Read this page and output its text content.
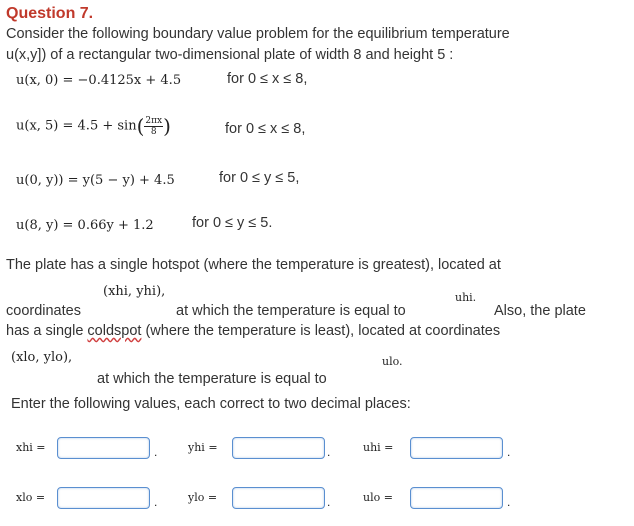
Question 7.
Consider the following boundary value problem for the equilibrium temperature
u(x,y]) of a rectangular two-dimensional plate of width 8 and height 5 :
u(x, 0) = −0.4125x + 4.5	for 0 ≤ x ≤ 8,
u(x, $5) = 4.5 + \sin( \frac{2\pi x}{8}$ )	for 0 ≤ x ≤ 8,
u(0, y)) = y(5 − y) + 4.5	for 0 ≤ y ≤ 5,
u(8, y) = 0.66y + 1.2	for 0 ≤ y ≤ 5.
The plate has a single hotspot (where the temperature is greatest), located at
(xhi, yhi),
coordinates	at which the temperature is equal to
uhi.
Also, the plate
has a single coldspot (where the temperature is least), located at coordinates
(xlo, ylo),	ulo.
at which the temperature is equal to
Enter the following values, each correct to two decimal places:
xhi =	.	yhi =	.	uhi =	.
xlo =	.	ylo =	.	ulo =	.
